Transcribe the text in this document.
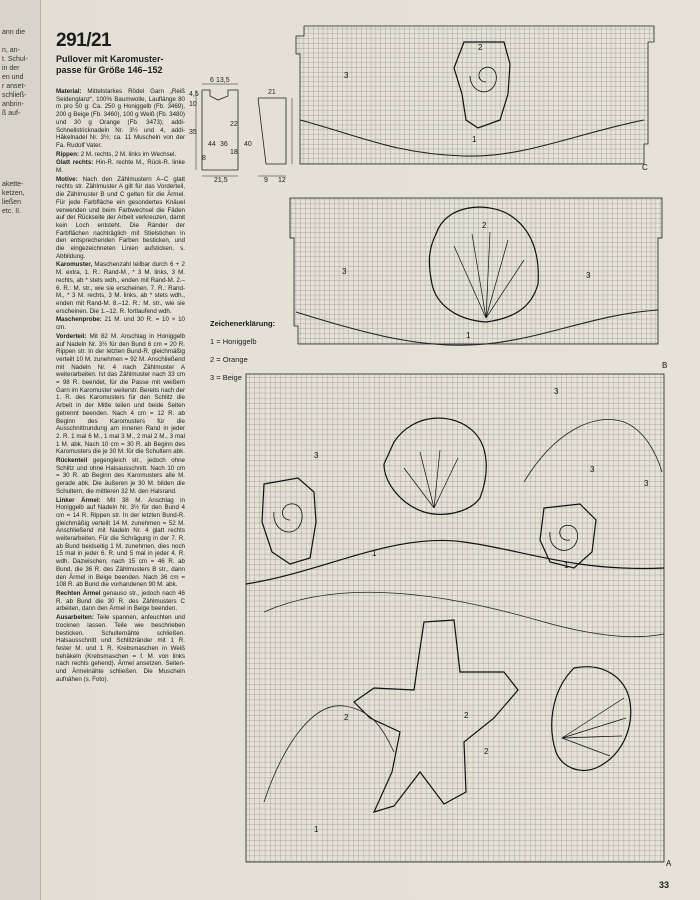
ann die

n, an-

t. Schul-

in der

en und

r anset-

schließ-

anbrin-

ß auf-

akette-

ketzen,

ließen

etc. II.

291/21
Pullover mit Karomuster-
passe für Größe 146–152

Material: Mittelstarkes Rödel Garn „Reiß Seidenglanz“, 100% Baumwolle, Lauflänge 80 m pro 50 g: Ca. 250 g Honiggelb (Fb. 3469), 200 g Beige (Fb. 3460), 100 g Weiß (Fb. 3480) und 30 g Orange (Fb. 3473); addi-Schnellstricknadeln Nr. 3½ und 4, addi-Häkelnadel Nr. 3½; ca. 11 Muscheln von der Fa. Rudolf Vater.

Rippen: 2 M. rechts, 2 M. links im Wechsel.

Glatt rechts: Hin-R. rechte M., Rück-R. linke M.

Motive: Nach den Zählmustern A–C glatt rechts str. Zählmuster A gilt für das Vorderteil, die Zählmuster B und C gelten für die Ärmel. Für jede Farbfläche ein gesondertes Knäuel verwenden und beim Farbwechsel die Fäden auf der Rückseite der Arbeit verkreuzen, damit kein Loch entsteht. Die Ränder der Farbflächen nachträglich mit Stielstichen in den entsprechenden Farben besticken, und die eingezeichneten Linien aufsticken, s. Abbildung.

Karomuster, Maschenzahl teilbar durch 6 + 2 M. extra, 1. R.: Rand-M., * 3 M. links, 3 M. rechts, ab * stets wdh., enden mit Rand-M. 2.–6. R.: M. str., wie sie erscheinen. 7. R.: Rand-M., * 3 M. rechts, 3 M. links, ab * stets wdh., enden mit Rand-M. 8.–12. R.: M. str., wie sie erscheinen. Die 1.–12. R. fortlaufend wdh.

Maschenprobe: 21 M. und 30 R. = 10 × 10 cm.

Vorderteil: Mit 82 M. Anschlag in Honiggelb auf Nadeln Nr. 3½ für den Bund 6 cm = 20 R. Rippen str. In der letzten Bund-R. gleichmäßig verteilt 10 M. zunehmen = 92 M. Anschließend mit Nadeln Nr. 4 nach Zählmuster A weiterarbeiten. Ist das Zählmuster nach 33 cm = 98 R. beendet, für die Passe mit weißem Garn im Karomuster weiterstr. Bereits nach der 1. R. des Karomusters für den Schlitz die Arbeit in der Mitte teilen und beide Seiten getrennt beenden. Nach 4 cm = 12 R. ab Beginn des Karomusters für die Ausschnittrundung am inneren Rand in jeder 2. R. 1 mal 6 M., 1 mal 3 M., 2 mal 2 M., 3 mal 1 M. abk. Nach 10 cm = 30 R. ab Beginn des Karomusters die je 30 M. für die Schultern abk.

Rückenteil gegengleich str., jedoch ohne Schlitz und ohne Halsausschnitt. Nach 10 cm = 30 R. ab Beginn des Karomusters alle M. gerade abk. Die äußeren je 30 M. bilden die Schultern, die mittleren 32 M. den Halsrand.

Linker Ärmel: Mit 38 M. Anschlag in Honiggelb auf Nadeln Nr. 3½ für den Bund 4 cm = 14 R. Rippen str. In der letzten Bund-R. gleichmäßig verteilt 14 M. zunehmen = 52 M. Anschließend mit Nadeln Nr. 4 glatt rechts weiterarbeiten. Für die Schrägung in der 7. R. ab Bund beidseitig 1 M. zunehmen, dies noch 15 mal in jeder 6. R. und 5 mal in jeder 4. R. wdh. Dazwischen, nach 15 cm = 46 R. ab Bund, die 36 R. des Zählmusters B str., dann den Ärmel in Beige beenden. Nach 36 cm = 108 R. ab Bund die vorhandenen 90 M. abk.

Rechten Ärmel genauso str., jedoch nach 46 R. ab Bund die 30 R. des Zählmusters C arbeiten, dann den Ärmel in Beige beenden.

Ausarbeiten: Teile spannen, anfeuchten und trocknen lassen. Teile wie beschrieben besticken. Schulternähte schließen. Halsausschnitt und Schlitzränder mit 1 R. fester M. und 1 R. Krebsmaschen in Weiß behäkeln (Krebsmaschen = f. M. von links nach rechts gehend). Ärmel ansetzen. Seiten- und Ärmelnähte schließen. Die Muscheln aufnähen (s. Foto).

6 13,5
4,5
10
35
22
18
40
21,5
8
44 36
21
9 12
2
3
1
C
2
3	3
1
B
Zeichenerklärung:
1 = Honiggelb
2 = Orange
3 = Beige
3
3
3
3
1
1
2
2
2
1
A
33
